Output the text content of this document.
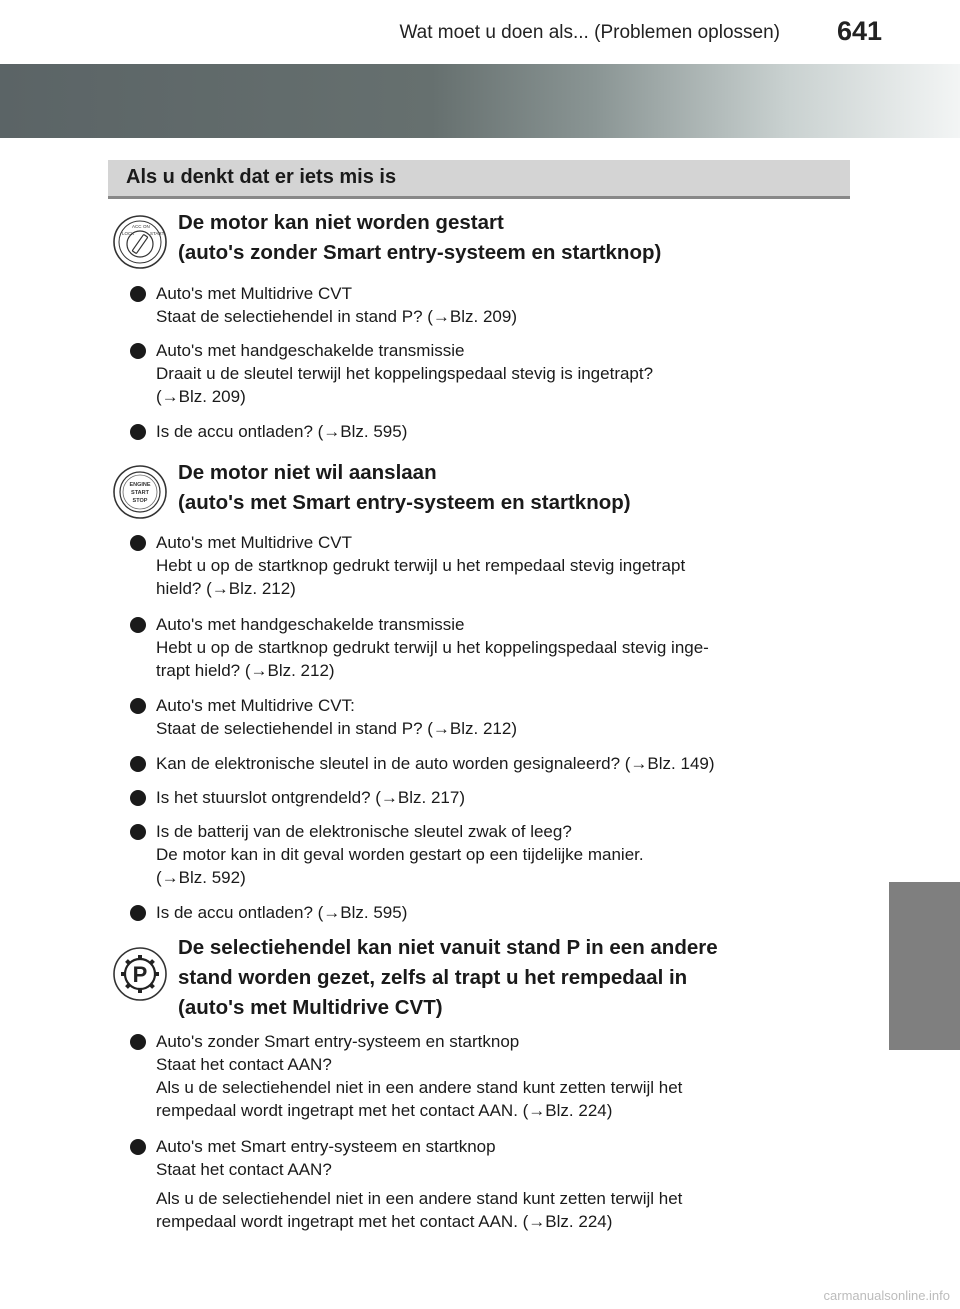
Wat moet u doen als... (Problemen oplossen) 641
Als u denkt dat er iets mis is
LOCK
ACC ON
START De motor kan niet worden gestart
(auto's zonder Smart entry-systeem en startknop)
Auto's met Multidrive CVT
Staat de selectiehendel in stand P? (→Blz. 209)
Auto's met handgeschakelde transmissie
Draait u de sleutel terwijl het koppelingspedaal stevig is ingetrapt?
(→Blz. 209)
Is de accu ontladen? (→Blz. 595)
ENGINE
START
STOP
De motor niet wil aanslaan
(auto's met Smart entry-systeem en startknop)
Auto's met Multidrive CVT
Hebt u op de startknop gedrukt terwijl u het rempedaal stevig ingetrapt
hield? (→Blz. 212)
Auto's met handgeschakelde transmissie
Hebt u op de startknop gedrukt terwijl u het koppelingspedaal stevig inge-
trapt hield? (→Blz. 212)
Auto's met Multidrive CVT:
Staat de selectiehendel in stand P? (→Blz. 212)
Kan de elektronische sleutel in de auto worden gesignaleerd? (→Blz. 149)
Is het stuurslot ontgrendeld? (→Blz. 217)
Is de batterij van de elektronische sleutel zwak of leeg?
De motor kan in dit geval worden gestart op een tijdelijke manier.
(→Blz. 592)
Is de accu ontladen? (→Blz. 595)
P
De selectiehendel kan niet vanuit stand P in een andere
stand worden gezet, zelfs al trapt u het rempedaal in
(auto's met Multidrive CVT)
Auto's zonder Smart entry-systeem en startknop
Staat het contact AAN?
Als u de selectiehendel niet in een andere stand kunt zetten terwijl het
rempedaal wordt ingetrapt met het contact AAN. (→Blz. 224)
Auto's met Smart entry-systeem en startknop
Staat het contact AAN?
Als u de selectiehendel niet in een andere stand kunt zetten terwijl het
rempedaal wordt ingetrapt met het contact AAN. (→Blz. 224)
carmanualsonline.info
